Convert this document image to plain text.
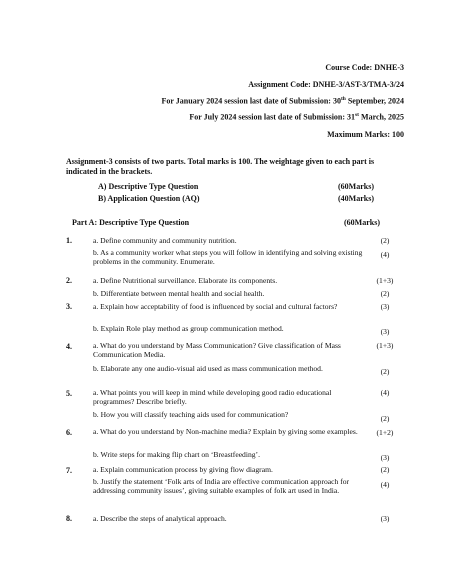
Course Code: DNHE-3
Assignment Code: DNHE-3/AST-3/TMA-3/24
For January 2024 session last date of Submission: 30th September, 2024
For July 2024 session last date of Submission: 31st March, 2025
Maximum Marks: 100
Assignment-3 consists of two parts. Total marks is 100. The weightage given to each part is indicated in the brackets.
A) Descriptive Type Question	(60Marks)
B) Application Question (AQ)	(40Marks)
Part A: Descriptive Type Question	(60Marks)
1.	a. Define community and community nutrition.	(2)
b. As a community worker what steps you will follow in identifying and solving existing problems in the community. Enumerate.
(4)
2.	a. Define Nutritional surveillance. Elaborate its components.	(1+3)
b. Differentiate between mental health and social health.	(2)
3.	a. Explain how acceptability of food is influenced by social and cultural factors?	(3)
b. Explain Role play method as group communication method.	(3)
4.	a. What do you understand by Mass Communication? Give classification of Mass Communication Media.
(1+3)
b. Elaborate any one audio-visual aid used as mass communication method.	(2)
5.	a. What points you will keep in mind while developing good radio educational programmes? Describe briefly.
(4)
b. How you will classify teaching aids used for communication?	(2)
6.	a. What do you understand by Non-machine media? Explain by giving some examples.	(1+2)
b. Write steps for making flip chart on ‘Breastfeeding’.	(3)
7.	a. Explain communication process by giving flow diagram.	(2)
b. Justify the statement ‘Folk arts of India are effective communication approach for addressing community issues’, giving suitable examples of folk art used in India.
(4)
8.	a. Describe the steps of analytical approach.	(3)
